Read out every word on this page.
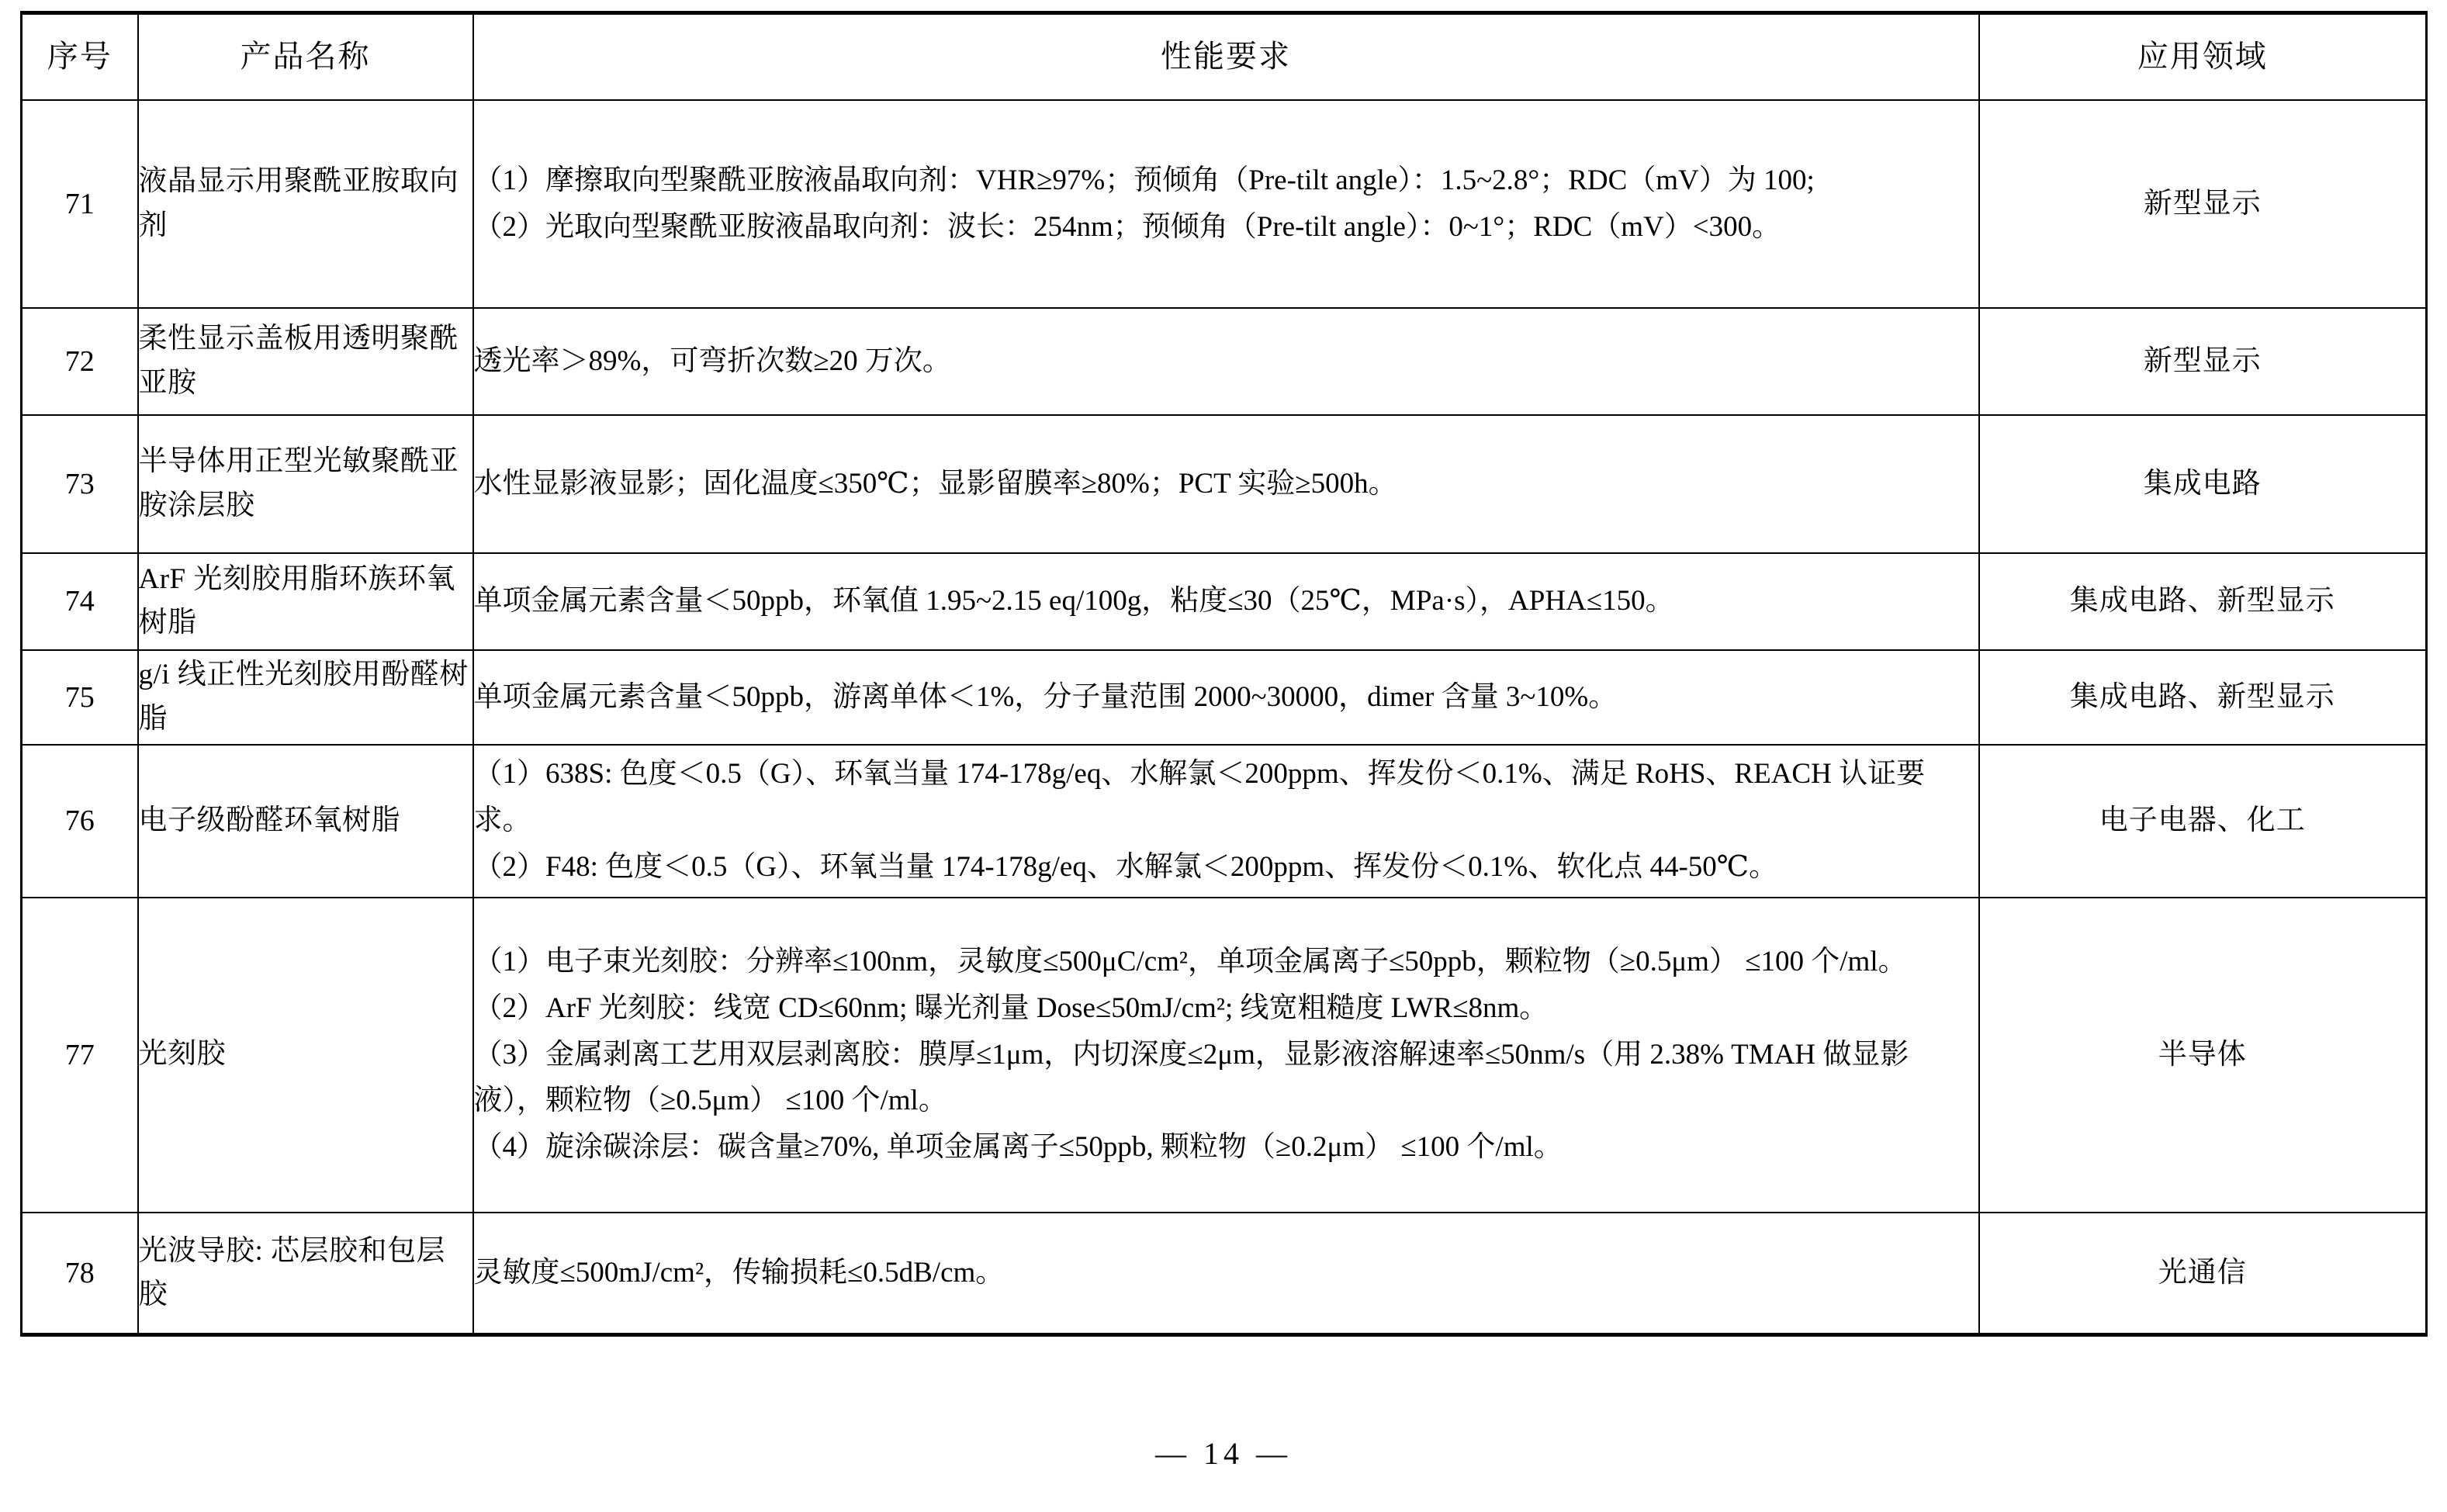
序号	产品名称	性能要求	应用领域

71	液晶显示用聚酰亚胺取向剂	（1）摩擦取向型聚酰亚胺液晶取向剂：VHR≥97%；预倾角（Pre-tilt angle）：1.5~2.8°；RDC（mV）为 100;
（2）光取向型聚酰亚胺液晶取向剂：波长：254nm；预倾角（Pre-tilt angle）：0~1°；RDC（mV）<300。	新型显示
72	柔性显示盖板用透明聚酰亚胺	透光率＞89%，可弯折次数≥20 万次。	新型显示
73	半导体用正型光敏聚酰亚胺涂层胶	水性显影液显影；固化温度≤350℃；显影留膜率≥80%；PCT 实验≥500h。	集成电路
74	ArF 光刻胶用脂环族环氧树脂	单项金属元素含量＜50ppb，环氧值 1.95~2.15 eq/100g，粘度≤30（25℃，MPa·s），APHA≤150。	集成电路、新型显示
75	g/i 线正性光刻胶用酚醛树脂	单项金属元素含量＜50ppb，游离单体＜1%，分子量范围 2000~30000，dimer 含量 3~10%。	集成电路、新型显示
76	电子级酚醛环氧树脂	（1）638S: 色度＜0.5（G）、环氧当量 174-178g/eq、水解氯＜200ppm、挥发份＜0.1%、满足 RoHS、REACH 认证要求。
（2）F48: 色度＜0.5（G）、环氧当量 174-178g/eq、水解氯＜200ppm、挥发份＜0.1%、软化点 44-50℃。	电子电器、化工
77	光刻胶	（1）电子束光刻胶：分辨率≤100nm，灵敏度≤500μC/cm²，单项金属离子≤50ppb，颗粒物（≥0.5μm） ≤100 个/ml。
（2）ArF 光刻胶：线宽 CD≤60nm; 曝光剂量 Dose≤50mJ/cm²; 线宽粗糙度 LWR≤8nm。
（3）金属剥离工艺用双层剥离胶：膜厚≤1μm，内切深度≤2μm，显影液溶解速率≤50nm/s（用 2.38% TMAH 做显影液），颗粒物（≥0.5μm） ≤100 个/ml。
（4）旋涂碳涂层：碳含量≥70%, 单项金属离子≤50ppb, 颗粒物（≥0.2μm） ≤100 个/ml。	半导体
78	光波导胶: 芯层胶和包层胶	灵敏度≤500mJ/cm²，传输损耗≤0.5dB/cm。	光通信
— 14 —
